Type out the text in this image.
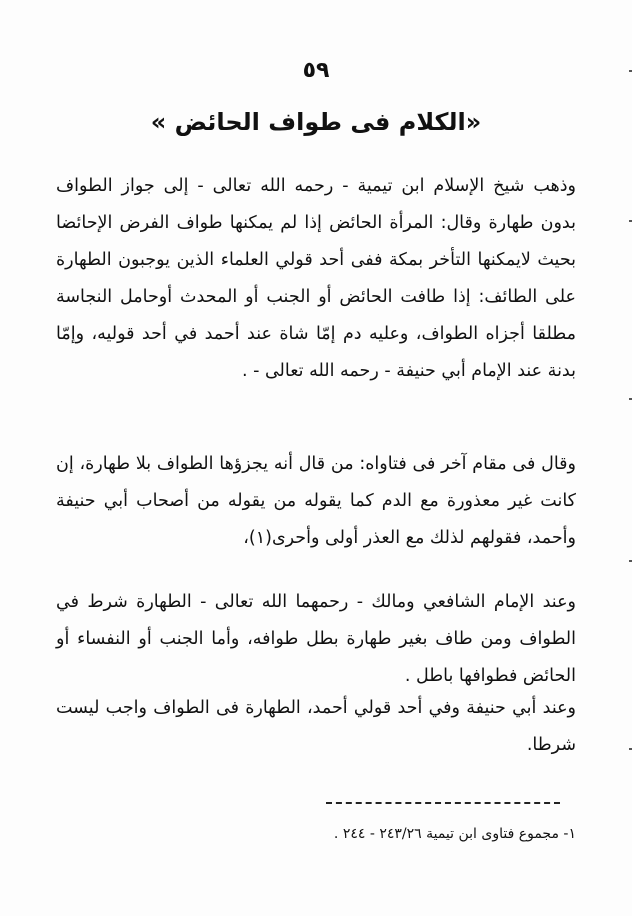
٥٩
«الكلام فى طواف الحائض »

وذهب شيخ الإسلام ابن تيمية - رحمه الله تعالى - إلى جواز الطواف بدون طهارة وقال: المرأة الحائض إذا لم يمكنها طواف الفرض الإحائضا بحيث لايمكنها التأخر بمكة ففى أحد قولي العلماء الذين يوجبون الطهارة على الطائف: إذا طافت الحائض أو الجنب أو المحدث أوحامل النجاسة مطلقا أجزاه الطواف، وعليه دم إمّا شاة عند أحمد في أحد قوليه، وإمّا بدنة عند الإمام أبي حنيفة - رحمه الله تعالى - .

وقال فى مقام آخر فى فتاواه: من قال أنه يجزؤها الطواف بلا طهارة، إن كانت غير معذورة مع الدم كما يقوله من يقوله من أصحاب أبي حنيفة وأحمد، فقولهم لذلك مع العذر أولى وأحرى(١)،

وعند الإمام الشافعي ومالك - رحمهما الله تعالى - الطهارة شرط في الطواف ومن طاف بغير طهارة بطل طوافه، وأما الجنب أو النفساء أو الحائض فطوافها باطل .

وعند أبي حنيفة وفي أحد قولي أحمد، الطهارة فى الطواف واجب ليست شرطا.

١- مجموع فتاوى ابن تيمية ٢٤٣/٢٦ - ٢٤٤ .
